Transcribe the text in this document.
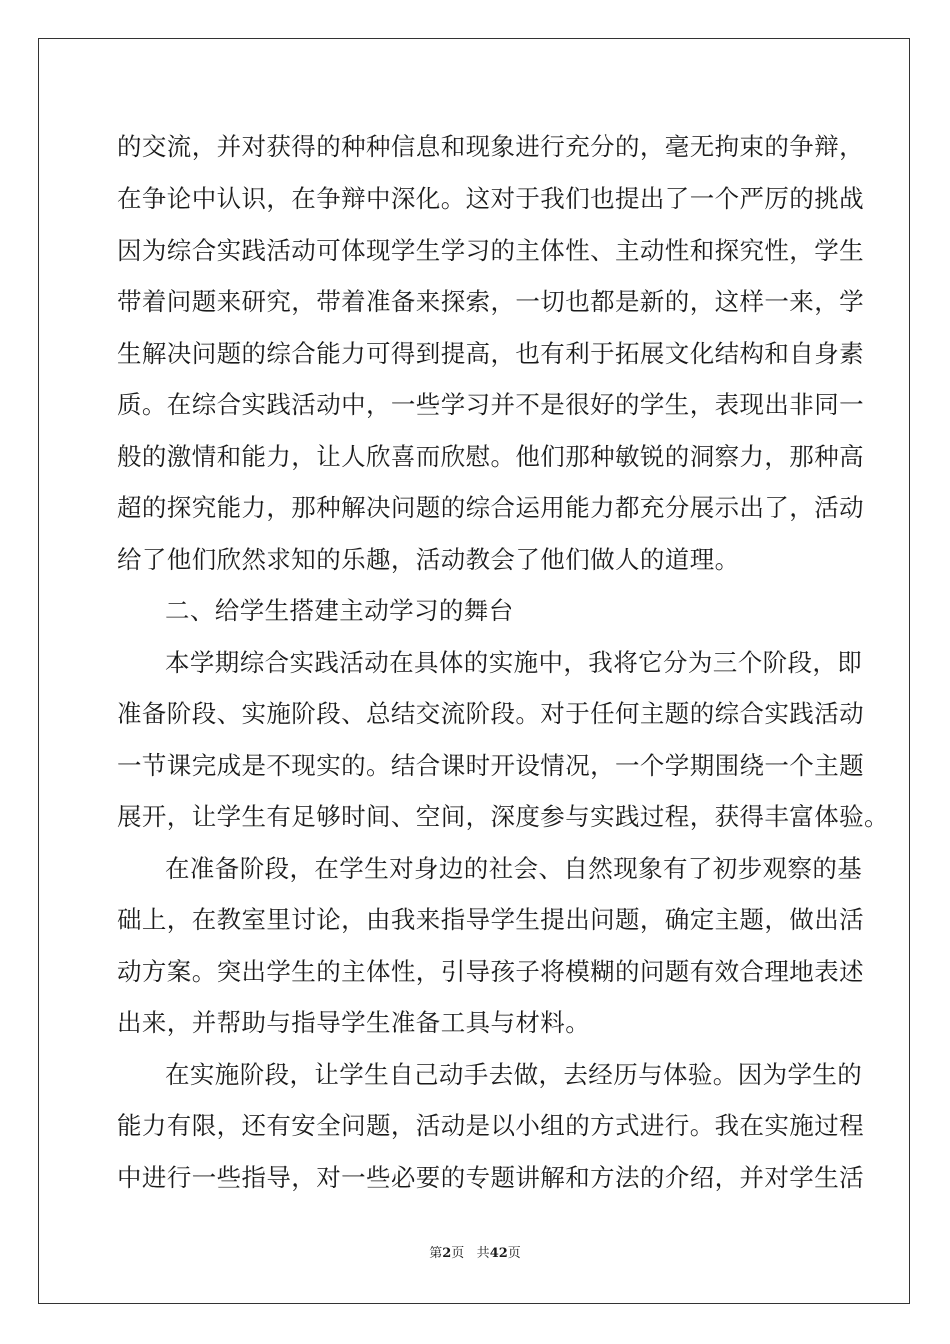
的交流，并对获得的种种信息和现象进行充分的，毫无拘束的争辩，
在争论中认识，在争辩中深化。这对于我们也提出了一个严厉的挑战
因为综合实践活动可体现学生学习的主体性、主动性和探究性，学生
带着问题来研究，带着准备来探索，一切也都是新的，这样一来，学
生解决问题的综合能力可得到提高，也有利于拓展文化结构和自身素
质。在综合实践活动中，一些学习并不是很好的学生，表现出非同一
般的激情和能力，让人欣喜而欣慰。他们那种敏锐的洞察力，那种高
超的探究能力，那种解决问题的综合运用能力都充分展示出了，活动
给了他们欣然求知的乐趣，活动教会了他们做人的道理。
二、给学生搭建主动学习的舞台
本学期综合实践活动在具体的实施中，我将它分为三个阶段，即
准备阶段、实施阶段、总结交流阶段。对于任何主题的综合实践活动
一节课完成是不现实的。结合课时开设情况，一个学期围绕一个主题
展开，让学生有足够时间、空间，深度参与实践过程，获得丰富体验。
在准备阶段，在学生对身边的社会、自然现象有了初步观察的基
础上，在教室里讨论，由我来指导学生提出问题，确定主题，做出活
动方案。突出学生的主体性，引导孩子将模糊的问题有效合理地表述
出来，并帮助与指导学生准备工具与材料。
在实施阶段，让学生自己动手去做，去经历与体验。因为学生的
能力有限，还有安全问题，活动是以小组的方式进行。我在实施过程
中进行一些指导，对一些必要的专题讲解和方法的介绍，并对学生活
第2页 共42页
